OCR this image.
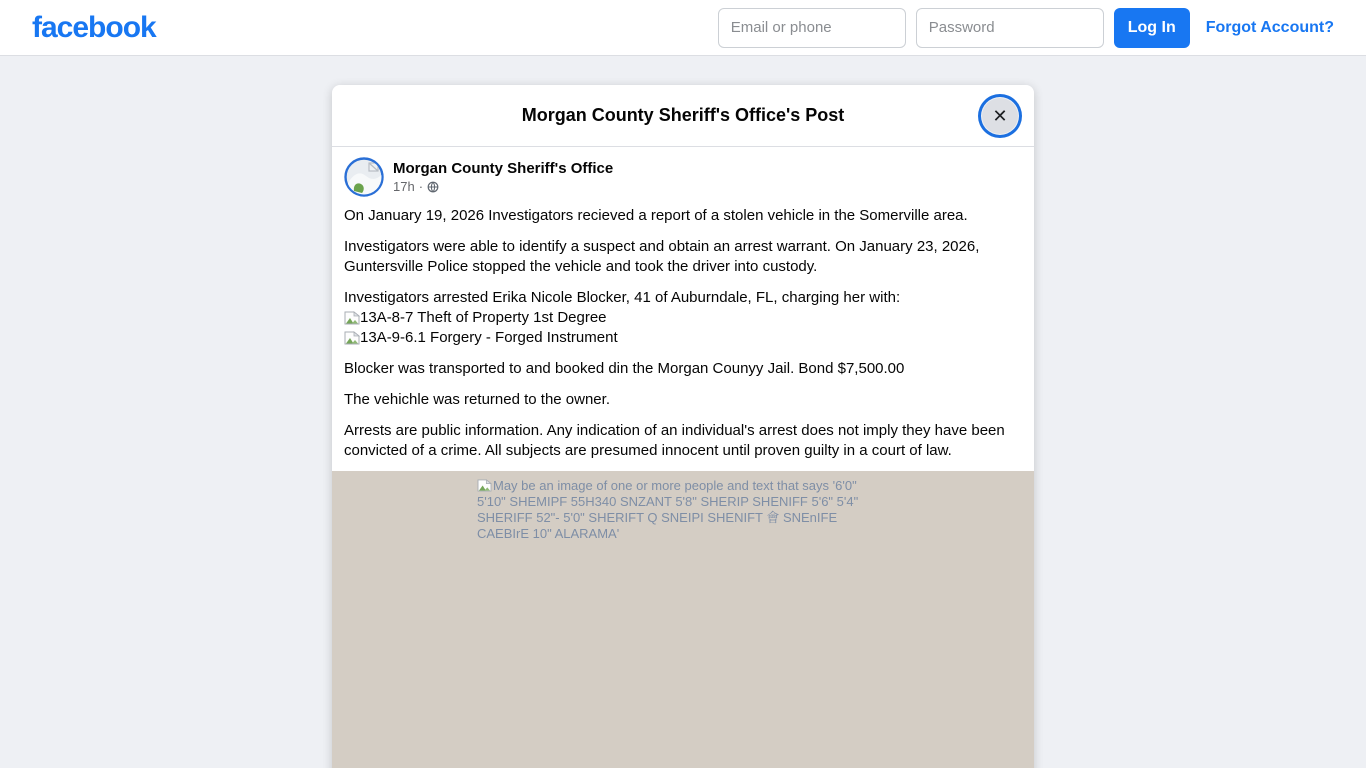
facebook
Email or phone	Log In	Forgot Account?
Morgan County Sheriff's Office's Post	✕
Morgan County Sheriff's Office
17h ·

On January 19, 2026 Investigators recieved a report of a stolen vehicle in the Somerville area.

Investigators were able to identify a suspect and obtain an arrest warrant. On January 23, 2026, Guntersville Police stopped the vehicle and took the driver into custody.

Investigators arrested Erika Nicole Blocker, 41 of Auburndale, FL, charging her with:

13A-8-7 Theft of Property 1st Degree
13A-9-6.1 Forgery - Forged Instrument

Blocker was transported to and booked din the Morgan Counyy Jail. Bond $7,500.00

The vehichle was returned to the owner.

Arrests are public information. Any indication of an individual's arrest does not imply they have been convicted of a crime. All subjects are presumed innocent until proven guilty in a court of law.

May be an image of one or more people and text that says '6'0" 5'10" SHEMIPF 55H340 SNZANT 5'8" SHERIP SHENIFF 5'6" 5'4" SHERIFF 52"- 5'0" SHERIFT Q SNEIPI SHENIFT 會 SNEnIFE CAEBIrE 10" ALARAMA'
